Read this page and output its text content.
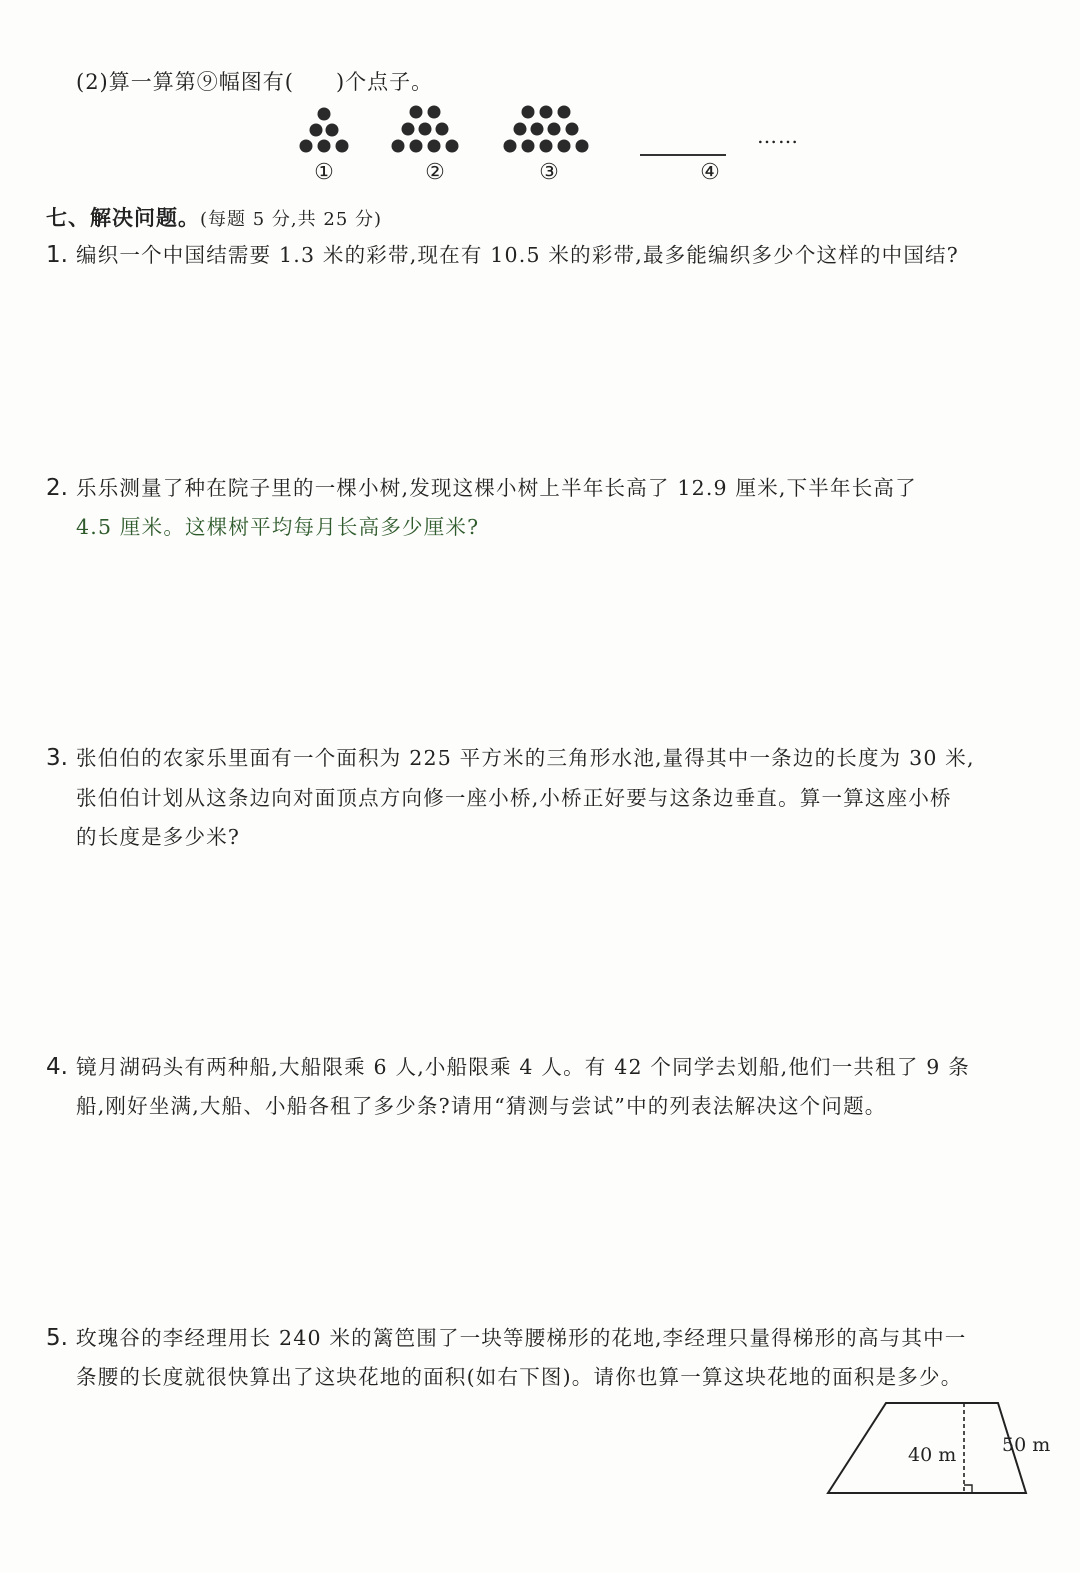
(2)算一算第⑨幅图有( )个点子。
……
①	②	③	④
七、解决问题。(每题 5 分,共 25 分)
1. 编织一个中国结需要 1.3 米的彩带,现在有 10.5 米的彩带,最多能编织多少个这样的中国结?
2. 乐乐测量了种在院子里的一棵小树,发现这棵小树上半年长高了 12.9 厘米,下半年长高了
4.5 厘米。这棵树平均每月长高多少厘米?
3. 张伯伯的农家乐里面有一个面积为 225 平方米的三角形水池,量得其中一条边的长度为 30 米,
张伯伯计划从这条边向对面顶点方向修一座小桥,小桥正好要与这条边垂直。算一算这座小桥
的长度是多少米?
4. 镜月湖码头有两种船,大船限乘 6 人,小船限乘 4 人。有 42 个同学去划船,他们一共租了 9 条
船,刚好坐满,大船、小船各租了多少条?请用“猜测与尝试”中的列表法解决这个问题。
5. 玫瑰谷的李经理用长 240 米的篱笆围了一块等腰梯形的花地,李经理只量得梯形的高与其中一
条腰的长度就很快算出了这块花地的面积(如右下图)。请你也算一算这块花地的面积是多少。
40 m 50 m
